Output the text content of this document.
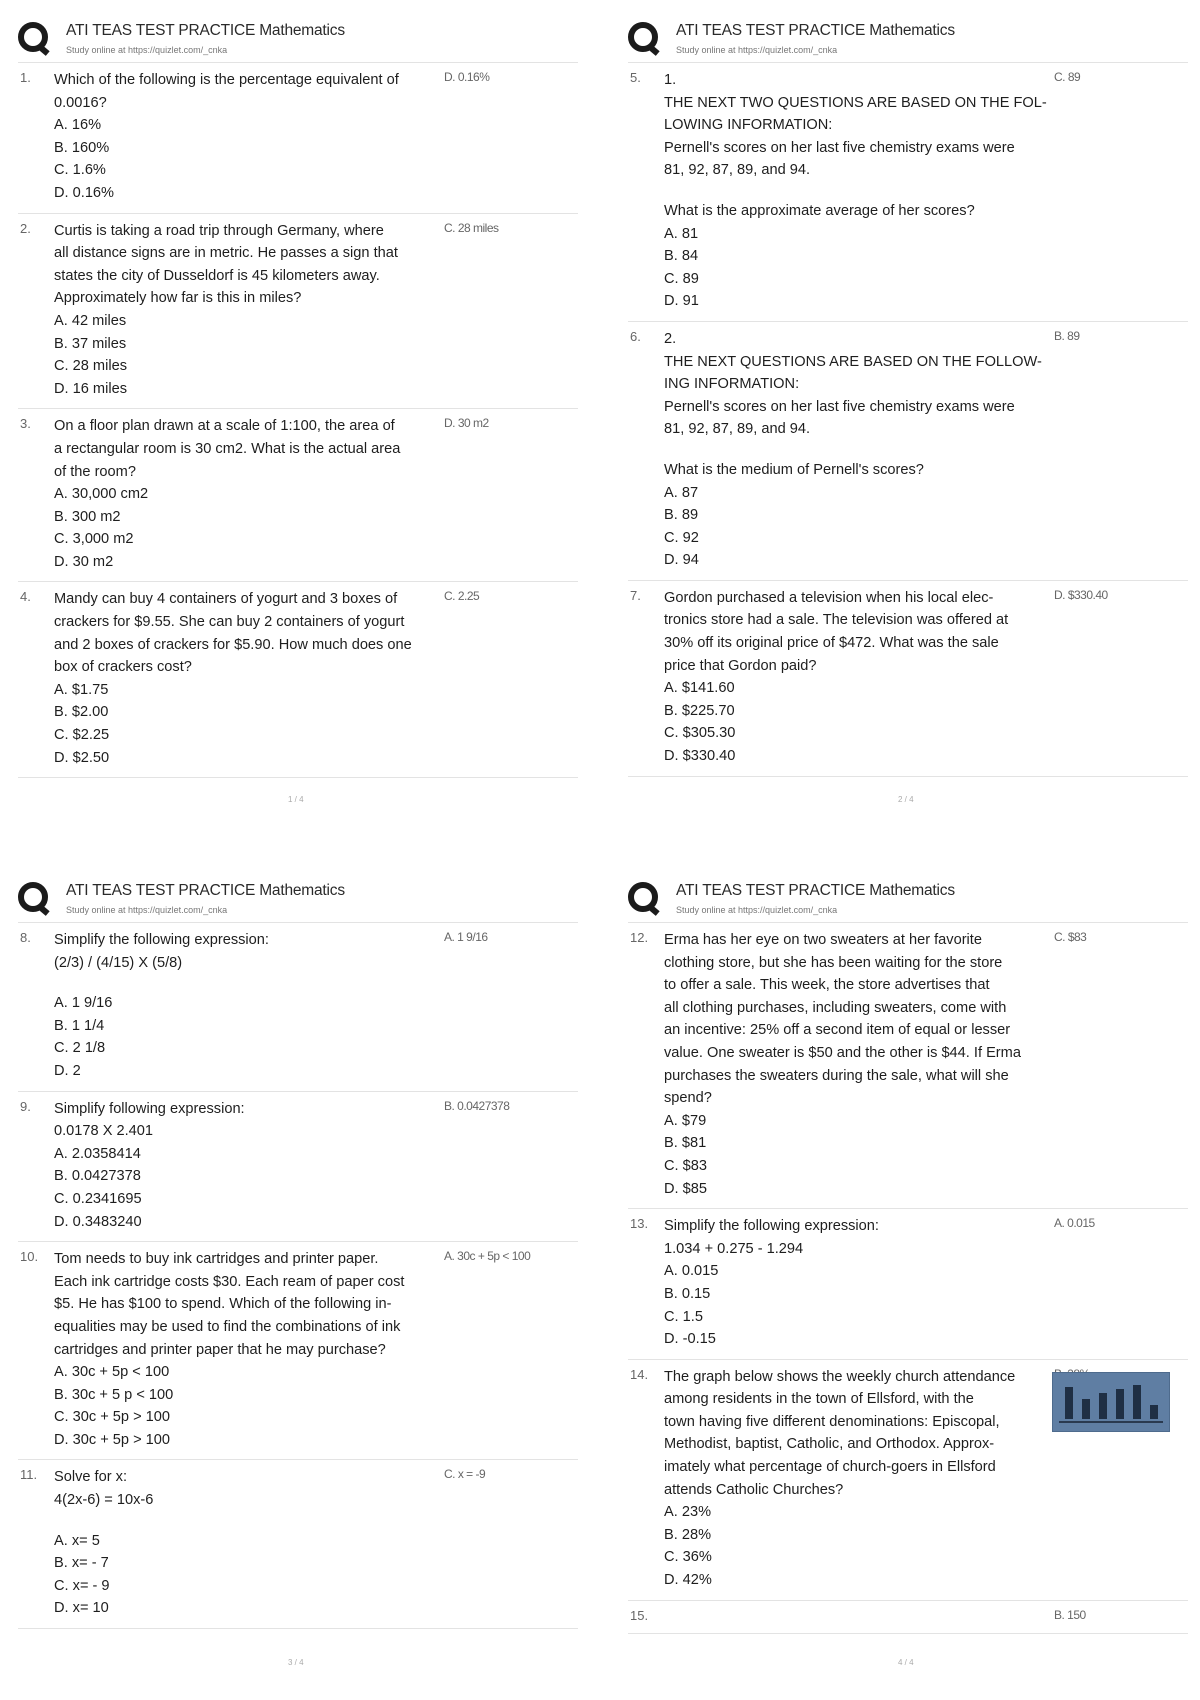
ATI TEAS TEST PRACTICE Mathematics
Study online at https://quizlet.com/_cnka
1. Which of the following is the percentage equivalent of
0.0016?
A. 16%
B. 160%
C. 1.6%
D. 0.16%
D. 0.16%
2. Curtis is taking a road trip through Germany, where
all distance signs are in metric. He passes a sign that
states the city of Dusseldorf is 45 kilometers away.
Approximately how far is this in miles?
A. 42 miles
B. 37 miles
C. 28 miles
D. 16 miles
C. 28 miles
3. On a floor plan drawn at a scale of 1:100, the area of
a rectangular room is 30 cm2. What is the actual area
of the room?
A. 30,000 cm2
B. 300 m2
C. 3,000 m2
D. 30 m2
D. 30 m2
4. Mandy can buy 4 containers of yogurt and 3 boxes of
crackers for $9.55. She can buy 2 containers of yogurt
and 2 boxes of crackers for $5.90. How much does one
box of crackers cost?
A. $1.75
B. $2.00
C. $2.25
D. $2.50
C. 2.25
1 / 4
ATI TEAS TEST PRACTICE Mathematics
Study online at https://quizlet.com/_cnka
5. 1.
THE NEXT TWO QUESTIONS ARE BASED ON THE FOL-
LOWING INFORMATION:
Pernell's scores on her last five chemistry exams were
81, 92, 87, 89, and 94.
What is the approximate average of her scores?
A. 81
B. 84
C. 89
D. 91
C. 89
6. 2.
THE NEXT QUESTIONS ARE BASED ON THE FOLLOW-
ING INFORMATION:
Pernell's scores on her last five chemistry exams were
81, 92, 87, 89, and 94.
What is the medium of Pernell's scores?
A. 87
B. 89
C. 92
D. 94
B. 89
7. Gordon purchased a television when his local elec-
tronics store had a sale. The television was offered at
30% off its original price of $472. What was the sale
price that Gordon paid?
A. $141.60
B. $225.70
C. $305.30
D. $330.40
D. $330.40
2 / 4
ATI TEAS TEST PRACTICE Mathematics
Study online at https://quizlet.com/_cnka
8. Simplify the following expression:
(2/3) / (4/15) X (5/8)
A. 1 9/16
B. 1 1/4
C. 2 1/8
D. 2
A. 1 9/16
9. Simplify following expression:
0.0178 X 2.401
A. 2.0358414
B. 0.0427378
C. 0.2341695
D. 0.3483240
B. 0.0427378
10. Tom needs to buy ink cartridges and printer paper.
Each ink cartridge costs $30. Each ream of paper cost
$5. He has $100 to spend. Which of the following in-
equalities may be used to find the combinations of ink
cartridges and printer paper that he may purchase?
A. 30c + 5p < 100
B. 30c + 5 p < 100
C. 30c + 5p > 100
D. 30c + 5p > 100
A. 30c + 5p < 100
11. Solve for x:
4(2x-6) = 10x-6
A. x= 5
B. x= - 7
C. x= - 9
D. x= 10
C. x = -9
3 / 4
ATI TEAS TEST PRACTICE Mathematics
Study online at https://quizlet.com/_cnka
12. Erma has her eye on two sweaters at her favorite
clothing store, but she has been waiting for the store
to offer a sale. This week, the store advertises that
all clothing purchases, including sweaters, come with
an incentive: 25% off a second item of equal or lesser
value. One sweater is $50 and the other is $44. If Erma
purchases the sweaters during the sale, what will she
spend?
A. $79
B. $81
C. $83
D. $85
C. $83
13. Simplify the following expression:
1.034 + 0.275 - 1.294
A. 0.015
B. 0.15
C. 1.5
D. -0.15
A. 0.015
14. The graph below shows the weekly church attendance
among residents in the town of Ellsford, with the
town having five different denominations: Episcopal,
Methodist, baptist, Catholic, and Orthodox. Approx-
imately what percentage of church-goers in Ellsford
attends Catholic Churches?
A. 23%
B. 28%
C. 36%
D. 42%
15.	B. 150
4 / 4
